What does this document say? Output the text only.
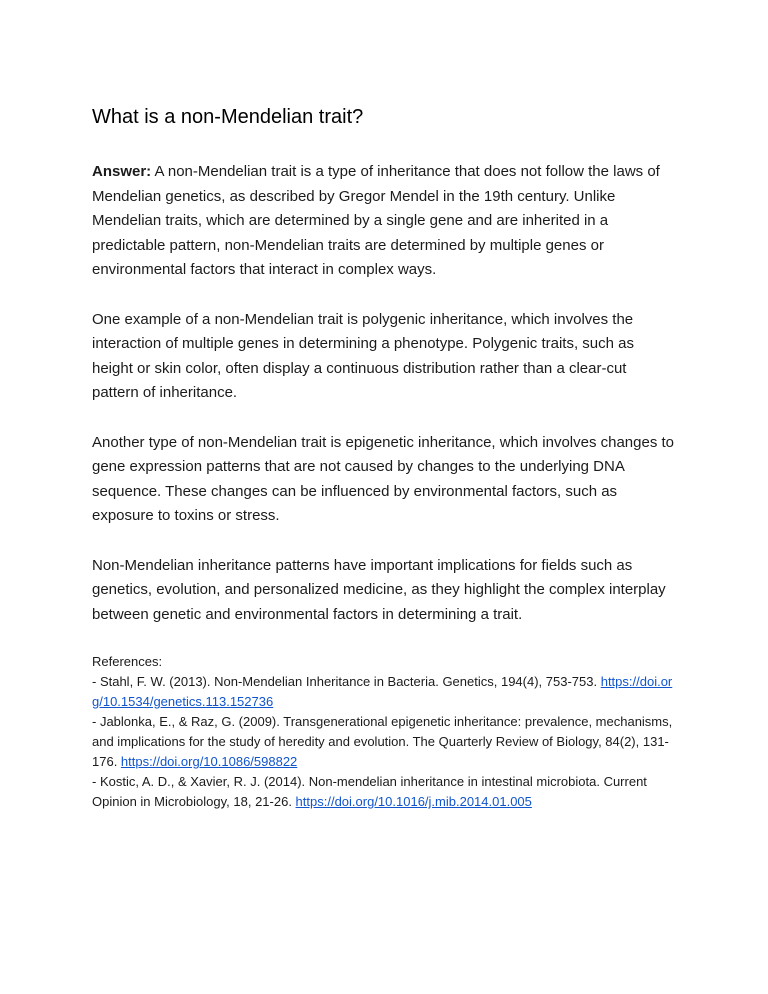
What is a non-Mendelian trait?

Answer: A non-Mendelian trait is a type of inheritance that does not follow the laws of Mendelian genetics, as described by Gregor Mendel in the 19th century. Unlike Mendelian traits, which are determined by a single gene and are inherited in a predictable pattern, non-Mendelian traits are determined by multiple genes or environmental factors that interact in complex ways.

One example of a non-Mendelian trait is polygenic inheritance, which involves the interaction of multiple genes in determining a phenotype. Polygenic traits, such as height or skin color, often display a continuous distribution rather than a clear-cut pattern of inheritance.

Another type of non-Mendelian trait is epigenetic inheritance, which involves changes to gene expression patterns that are not caused by changes to the underlying DNA sequence. These changes can be influenced by environmental factors, such as exposure to toxins or stress.

Non-Mendelian inheritance patterns have important implications for fields such as genetics, evolution, and personalized medicine, as they highlight the complex interplay between genetic and environmental factors in determining a trait.

References:
- Stahl, F. W. (2013). Non-Mendelian Inheritance in Bacteria. Genetics, 194(4), 753-753. https://doi.org/10.1534/genetics.113.152736
- Jablonka, E., & Raz, G. (2009). Transgenerational epigenetic inheritance: prevalence, mechanisms, and implications for the study of heredity and evolution. The Quarterly Review of Biology, 84(2), 131-176. https://doi.org/10.1086/598822
- Kostic, A. D., & Xavier, R. J. (2014). Non-mendelian inheritance in intestinal microbiota. Current Opinion in Microbiology, 18, 21-26. https://doi.org/10.1016/j.mib.2014.01.005
